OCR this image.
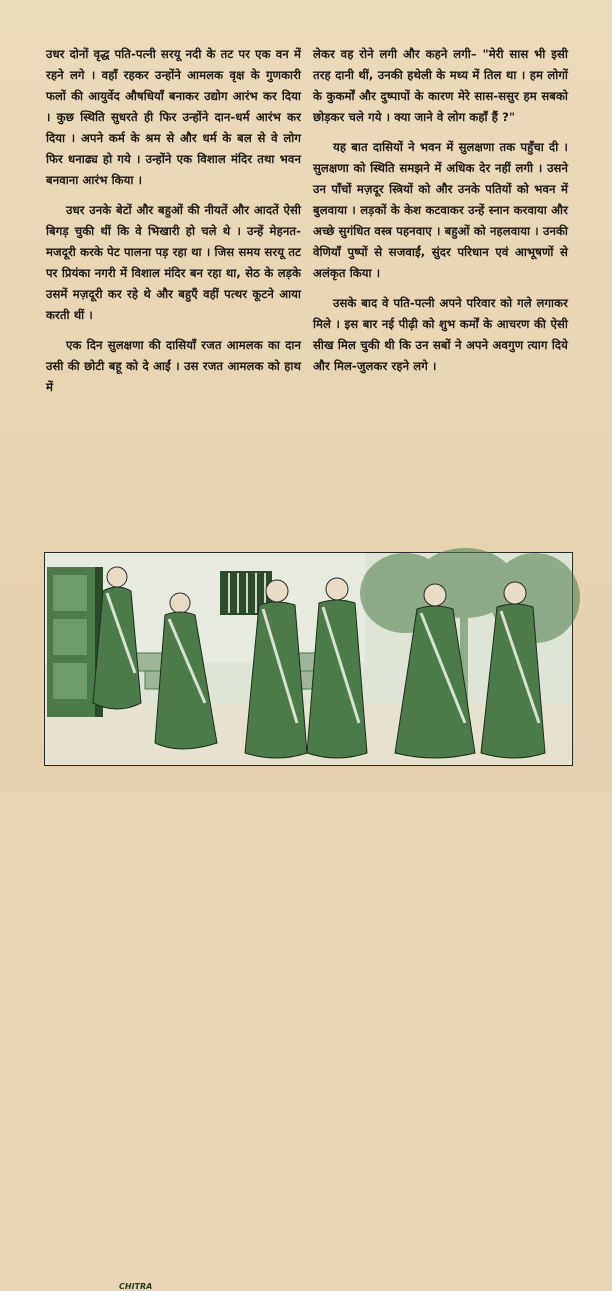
उधर दोनों वृद्ध पति-पत्नी सरयू नदी के तट पर एक वन में रहने लगे । वहाँ रहकर उन्होंने आमलक वृक्ष के गुणकारी फलों की आयुर्वेद औषधियाँ बनाकर उद्योग आरंभ कर दिया । कुछ स्थिति सुधरते ही फिर उन्होंने दान-धर्म आरंभ कर दिया । अपने कर्म के श्रम से और धर्म के बल से वे लोग फिर धनाढ्य हो गये । उन्होंने एक विशाल मंदिर तथा भवन बनवाना आरंभ किया ।

उधर उनके बेटों और बहुओं की नीयतें और आदतें ऐसी बिगड़ चुकी थीं कि वे भिखारी हो चले थे । उन्हें मेहनत-मजदूरी करके पेट पालना पड़ रहा था । जिस समय सरयू तट पर प्रियंका नगरी में विशाल मंदिर बन रहा था, सेठ के लड़के उसमें मज़दूरी कर रहे थे और बहुएँ वहीं पत्थर कूटने आया करती थीं ।

एक दिन सुलक्षणा की दासियाँ रजत आमलक का दान उसी की छोटी बहू को दे आईं । उस रजत आमलक को हाथ में

लेकर वह रोने लगी और कहने लगी– "मेरी सास भी इसी तरह दानी थीं, उनकी हथेली के मध्य में तिल था । हम लोगों के कुकर्मों और दुष्पापों के कारण मेरे सास-ससुर हम सबको छोड़कर चले गये । क्या जाने वे लोग कहाँ हैं ?"

यह बात दासियों ने भवन में सुलक्षणा तक पहुँचा दी । सुलक्षणा को स्थिति समझने में अधिक देर नहीं लगी । उसने उन पाँचों मज़दूर स्त्रियों को और उनके पतियों को भवन में बुलवाया । लड़कों के केश कटवाकर उन्हें स्नान करवाया और अच्छे सुगंधित वस्त्र पहनवाए । बहुओं को नहलवाया । उनकी वेणियाँ पुष्पों से सजवाईं, सुंदर परिधान एवं आभूषणों से अलंकृत किया ।

उसके बाद वे पति-पत्नी अपने परिवार को गले लगाकर मिले । इस बार नई पीढ़ी को शुभ कर्मों के आचरण की ऐसी सीख मिल चुकी थी कि उन सबों ने अपने अवगुण त्याग दिये और मिल-जुलकर रहने लगे ।

CHITRA
